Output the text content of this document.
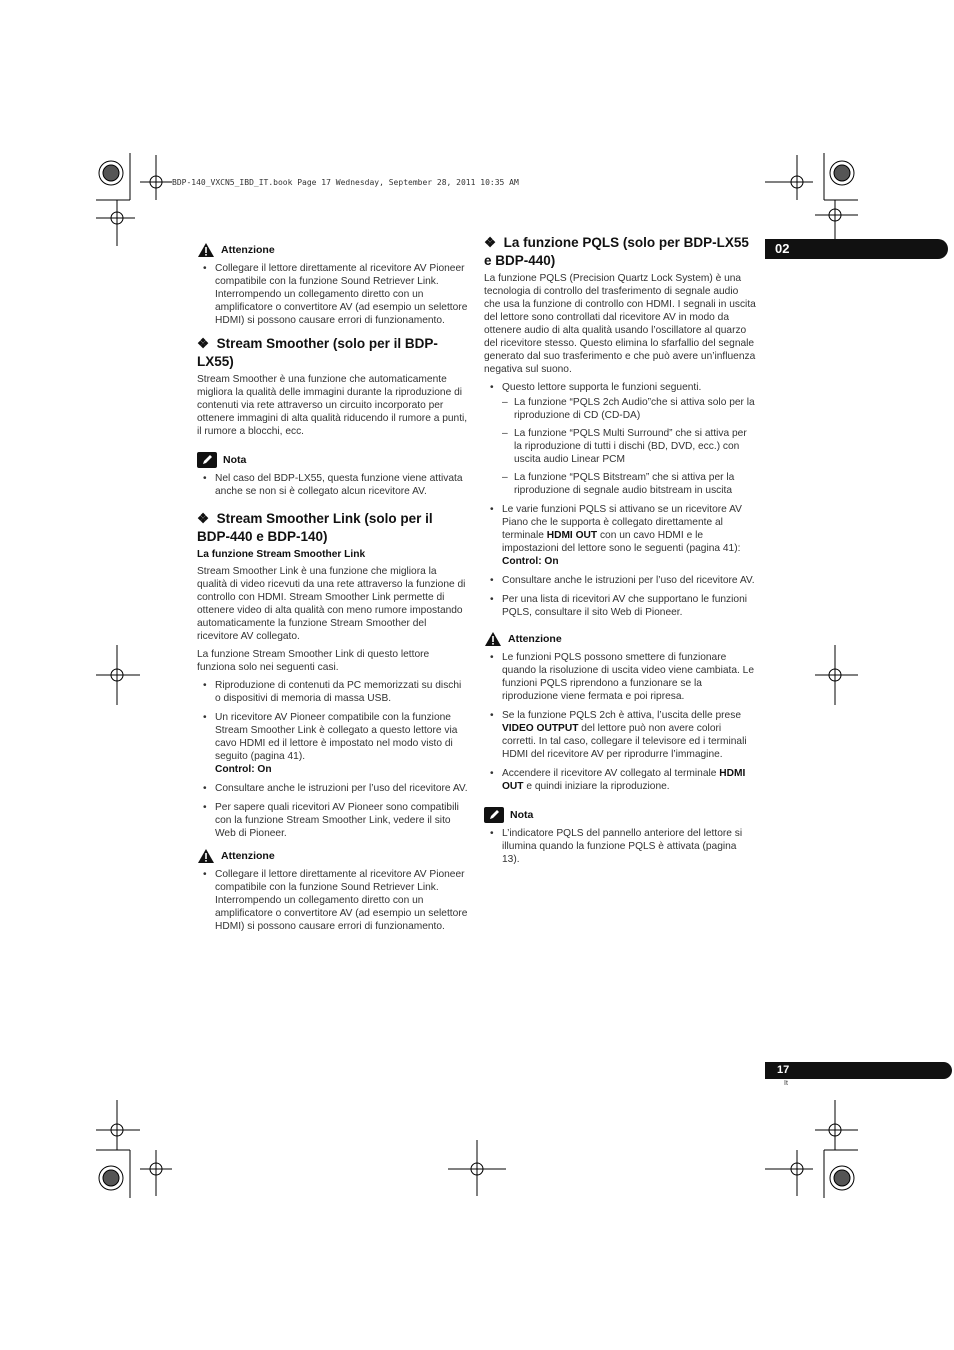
BDP-140_VXCN5_IBD_IT.book Page 17 Wednesday, September 28, 2011 10:35 AM
02
17
It
Attenzione
• Collegare il lettore direttamente al ricevitore AV Pioneer compatibile con la funzione Sound Retriever Link. Interrompendo un collegamento diretto con un amplificatore o convertitore AV (ad esempio un selettore HDMI) si possono causare errori di funzionamento.
❖  Stream Smoother (solo per il BDP-LX55)

Stream Smoother è una funzione che automaticamente migliora la qualità delle immagini durante la riproduzione di contenuti via rete attraverso un circuito incorporato per ottenere immagini di alta qualità riducendo il rumore a punti, il rumore a blocchi, ecc.

Nota
• Nel caso del BDP-LX55, questa funzione viene attivata anche se non si è collegato alcun ricevitore AV.
❖  Stream Smoother Link (solo per il BDP-440 e BDP-140)
La funzione Stream Smoother Link

Stream Smoother Link è una funzione che migliora la qualità di video ricevuti da una rete attraverso la funzione di controllo con HDMI. Stream Smoother Link permette di ottenere video di alta qualità con meno rumore impostando automaticamente la funzione Stream Smoother del ricevitore AV collegato.

La funzione Stream Smoother Link di questo lettore funziona solo nei seguenti casi.

• Riproduzione di contenuti da PC memorizzati su dischi o dispositivi di memoria di massa USB.
• Un ricevitore AV Pioneer compatibile con la funzione Stream Smoother Link è collegato a questo lettore via cavo HDMI ed il lettore è impostato nel modo visto di seguito (pagina 41).
Control: On
• Consultare anche le istruzioni per l’uso del ricevitore AV.
• Per sapere quali ricevitori AV Pioneer sono compatibili con la funzione Stream Smoother Link, vedere il sito Web di Pioneer.
Attenzione
• Collegare il lettore direttamente al ricevitore AV Pioneer compatibile con la funzione Sound Retriever Link. Interrompendo un collegamento diretto con un amplificatore o convertitore AV (ad esempio un selettore HDMI) si possono causare errori di funzionamento.
❖  La funzione PQLS (solo per BDP-LX55 e BDP-440)

La funzione PQLS (Precision Quartz Lock System) è una tecnologia di controllo del trasferimento di segnale audio che usa la funzione di controllo con HDMI. I segnali in uscita del lettore sono controllati dal ricevitore AV in modo da ottenere audio di alta qualità usando l’oscillatore al quarzo del ricevitore stesso. Questo elimina lo sfarfallio del segnale generato dal suo trasferimento e che può avere un’influenza negativa sul suono.

• Questo lettore supporta le funzioni seguenti.
– La funzione “PQLS 2ch Audio”che si attiva solo per la riproduzione di CD (CD-DA)
– La funzione “PQLS Multi Surround” che si attiva per la riproduzione di tutti i dischi (BD, DVD, ecc.) con uscita audio Linear PCM
– La funzione “PQLS Bitstream” che si attiva per la riproduzione di segnale audio bitstream in uscita
• Le varie funzioni PQLS si attivano se un ricevitore AV Piano che le supporta è collegato direttamente al terminale HDMI OUT con un cavo HDMI e le impostazioni del lettore sono le seguenti (pagina 41):
Control: On
• Consultare anche le istruzioni per l’uso del ricevitore AV.
• Per una lista di ricevitori AV che supportano le funzioni PQLS, consultare il sito Web di Pioneer.
Attenzione
• Le funzioni PQLS possono smettere di funzionare quando la risoluzione di uscita video viene cambiata. Le funzioni PQLS riprendono a funzionare se la riproduzione viene fermata e poi ripresa.
• Se la funzione PQLS 2ch è attiva, l’uscita delle prese VIDEO OUTPUT del lettore può non avere colori corretti. In tal caso, collegare il televisore ed i terminali HDMI del ricevitore AV per riprodurre l’immagine.
• Accendere il ricevitore AV collegato al terminale HDMI OUT e quindi iniziare la riproduzione.
Nota
• L’indicatore PQLS del pannello anteriore del lettore si illumina quando la funzione PQLS è attivata (pagina 13).
